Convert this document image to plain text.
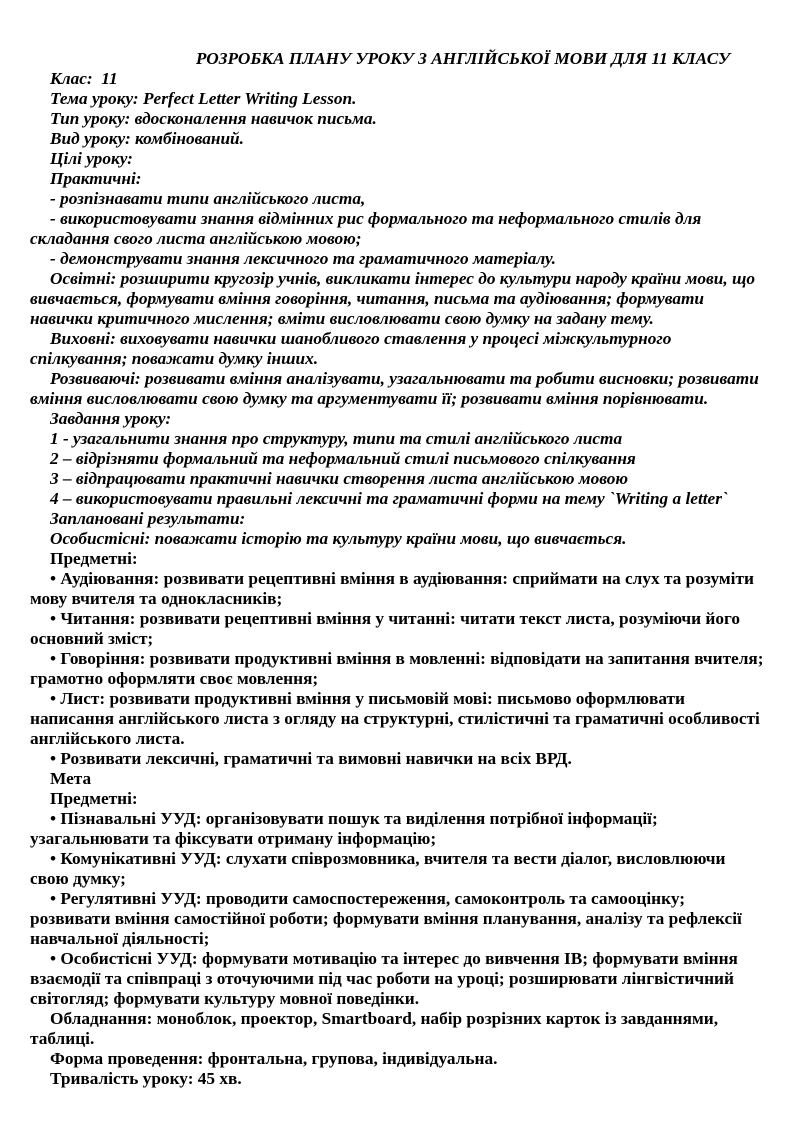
РОЗРОБКА ПЛАНУ УРОКУ З АНГЛІЙСЬКОЇ МОВИ ДЛЯ 11 КЛАСУ

Клас:  11

Тема уроку: Perfect Letter Writing Lesson.

Тип уроку: вдосконалення навичок письма.

Вид уроку: комбінований.

Цілі уроку:

Практичні:

- розпізнавати типи англійського листа,

- використовувати знання відмінних рис формального та неформального стилів для складання свого листа англійською мовою;

- демонструвати знання лексичного та граматичного матеріалу.

Освітні: розширити кругозір учнів, викликати інтерес до культури народу країни мови, що вивчається, формувати вміння говоріння, читання, письма та аудіювання; формувати навички критичного мислення; вміти висловлювати свою думку на задану тему.

Виховні: виховувати навички шанобливого ставлення у процесі міжкультурного спілкування; поважати думку інших.

Розвиваючі: розвивати вміння аналізувати, узагальнювати та робити висновки; розвивати вміння висловлювати свою думку та аргументувати її; розвивати вміння порівнювати.

Завдання уроку:

1 - узагальнити знання про структуру, типи та стилі англійського листа

2 – відрізняти формальний та неформальний стилі письмового спілкування

3 – відпрацювати практичні навички створення листа англійською мовою

4 – використовувати правильні лексичні та граматичні форми на тему `Writing a letter`

Заплановані результати:

Особистісні: поважати історію та культуру країни мови, що вивчається.

Предметні:

• Аудіювання: розвивати рецептивні вміння в аудіювання: сприймати на слух та розуміти мову вчителя та однокласників;

• Читання: розвивати рецептивні вміння у читанні: читати текст листа, розуміючи його основний зміст;

• Говоріння: розвивати продуктивні вміння в мовленні: відповідати на запитання вчителя; грамотно оформляти своє мовлення;

• Лист: розвивати продуктивні вміння у письмовій мові: письмово оформлювати написання англійського листа з огляду на структурні, стилістичні та граматичні особливості англійського листа.

• Розвивати лексичні, граматичні та вимовні навички на всіх ВРД.

Мета

Предметні:

• Пізнавальні УУД: організовувати пошук та виділення потрібної інформації; узагальнювати та фіксувати отриману інформацію;

• Комунікативні УУД: слухати співрозмовника, вчителя та вести діалог, висловлюючи свою думку;

• Регулятивні УУД: проводити самоспостереження, самоконтроль та самооцінку; розвивати вміння самостійної роботи; формувати вміння планування, аналізу та рефлексії навчальної діяльності;

• Особистісні УУД: формувати мотивацію та інтерес до вивчення ІВ; формувати вміння взаємодії та співпраці з оточуючими під час роботи на уроці; розширювати лінгвістичний світогляд; формувати культуру мовної поведінки.

Обладнання: моноблок, проектор, Smartboard, набір розрізних карток із завданнями, таблиці.

Форма проведення: фронтальна, групова, індивідуальна.

Тривалість уроку: 45 хв.
